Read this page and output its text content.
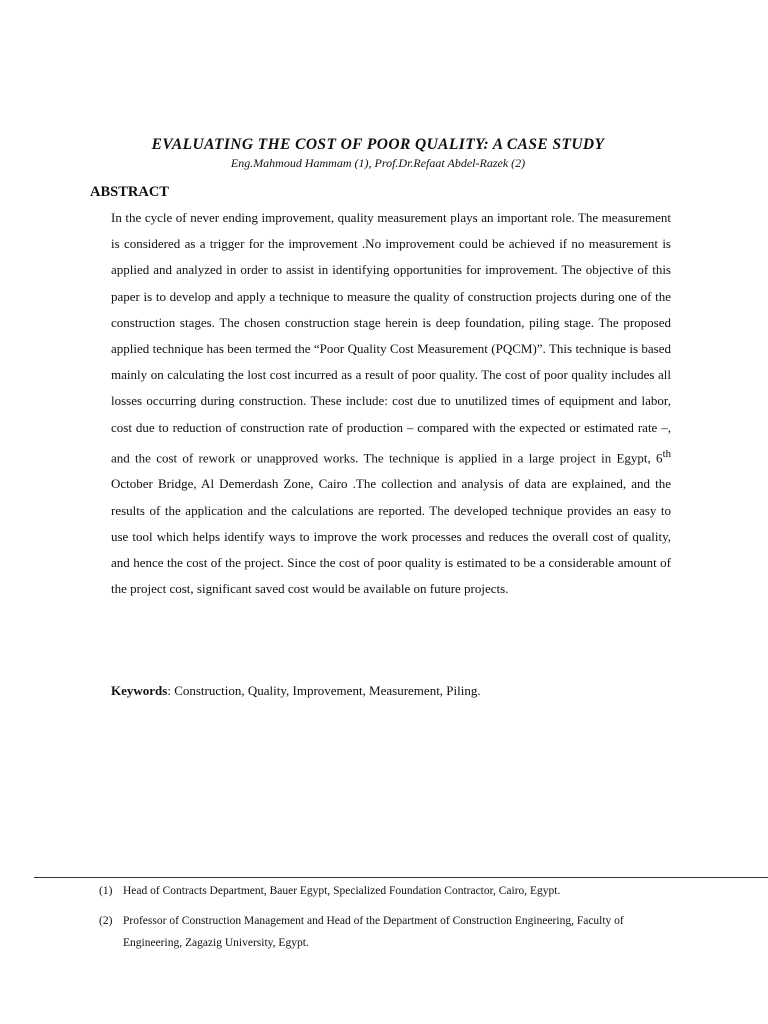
EVALUATING THE COST OF POOR QUALITY: A CASE STUDY

Eng.Mahmoud Hammam (1), Prof.Dr.Refaat Abdel-Razek (2)

ABSTRACT

In the cycle of never ending improvement, quality measurement plays an important role. The measurement is considered as a trigger for the improvement .No improvement could be achieved if no measurement is applied and analyzed in order to assist in identifying opportunities for improvement. The objective of this paper is to develop and apply a technique to measure the quality of construction projects during one of the construction stages. The chosen construction stage herein is deep foundation, piling stage. The proposed applied technique has been termed the “Poor Quality Cost Measurement (PQCM)”. This technique is based mainly on calculating the lost cost incurred as a result of poor quality. The cost of poor quality includes all losses occurring during construction. These include: cost due to unutilized times of equipment and labor, cost due to reduction of construction rate of production – compared with the expected or estimated rate –, and the cost of rework or unapproved works. The technique is applied in a large project in Egypt, 6th October Bridge, Al Demerdash Zone, Cairo .The collection and analysis of data are explained, and the results of the application and the calculations are reported. The developed technique provides an easy to use tool which helps identify ways to improve the work processes and reduces the overall cost of quality, and hence the cost of the project. Since the cost of poor quality is estimated to be a considerable amount of the project cost, significant saved cost would be available on future projects.

Keywords: Construction, Quality, Improvement, Measurement, Piling.

(1) Head of Contracts Department, Bauer Egypt, Specialized Foundation Contractor, Cairo, Egypt.
(2) Professor of Construction Management and Head of the Department of Construction Engineering, Faculty of Engineering, Zagazig University, Egypt.
